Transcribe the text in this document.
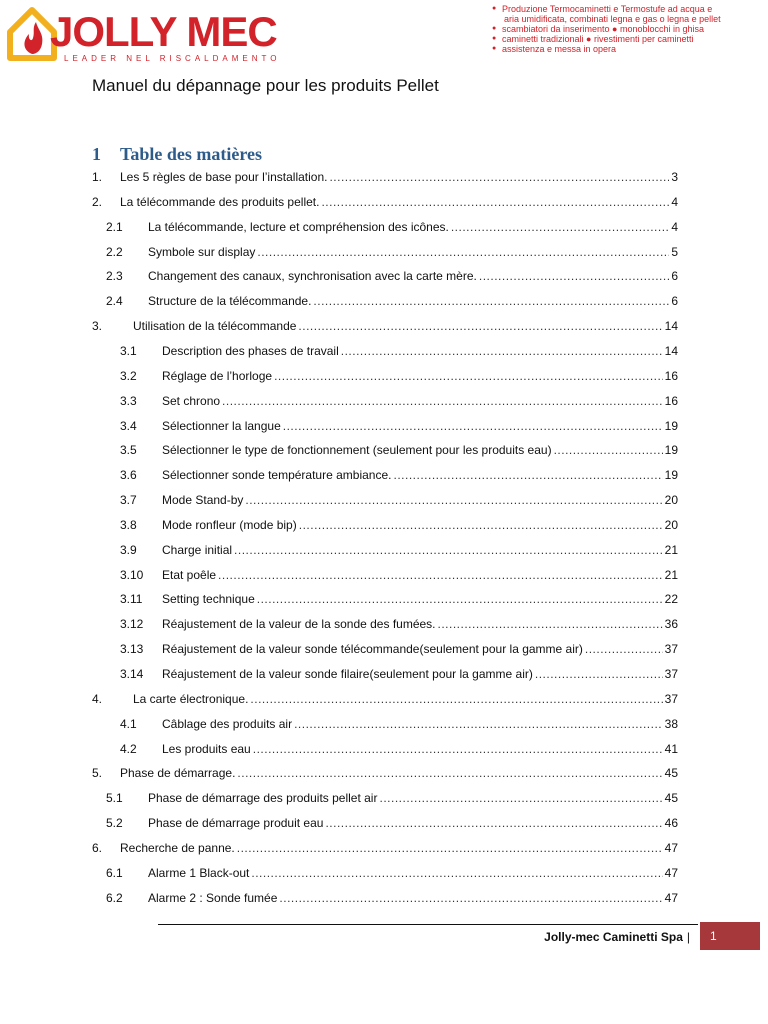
JOLLY MEC
LEADER NEL RISCALDAMENTO
● Produzione Termocaminetti e Termostufe ad acqua e
aria umidificata, combinati legna e gas o legna e pellet
● scambiatori da inserimento ● monoblocchi in ghisa
● caminetti tradizionali ● rivestimenti per caminetti
● assistenza e messa in opera
Manuel du dépannage pour les produits Pellet
1 Table des matières
1.	Les 5 règles de base pour l’installation. .....	3
2.	La télécommande des produits pellet. .....	4
2.1	La télécommande, lecture et compréhension des icônes. .....	4
2.2	Symbole sur display .....	5
2.3	Changement des canaux, synchronisation avec la carte mère. .....	6
2.4	Structure de la télécommande. .....	6
3.	Utilisation de la télécommande .....	14
3.1	Description des phases de travail .....	14
3.2	Réglage de l’horloge .....	16
3.3	Set chrono .....	16
3.4	Sélectionner la langue .....	19
3.5	Sélectionner le type de fonctionnement (seulement pour les produits eau) .....	19
3.6	Sélectionner sonde température ambiance. .....	19
3.7	Mode Stand-by .....	20
3.8	Mode ronfleur (mode bip) .....	20
3.9	Charge initial .....	21
3.10	Etat poêle .....	21
3.11	Setting technique .....	22
3.12	Réajustement de la valeur de la sonde des fumées. .....	36
3.13	Réajustement de la valeur sonde télécommande(seulement pour la gamme air) .....	37
3.14	Réajustement de la valeur sonde filaire(seulement pour la gamme air) .....	37
4.	La carte électronique. .....	37
4.1	Câblage des produits air .....	38
4.2	Les produits eau .....	41
5.	Phase de démarrage. .....	45
5.1	Phase de démarrage des produits pellet air .....	45
5.2	Phase de démarrage produit eau .....	46
6.	Recherche de panne. .....	47
6.1	Alarme 1 Black-out .....	47
6.2	Alarme 2 : Sonde fumée .....	47
Jolly-mec Caminetti Spa |	1
